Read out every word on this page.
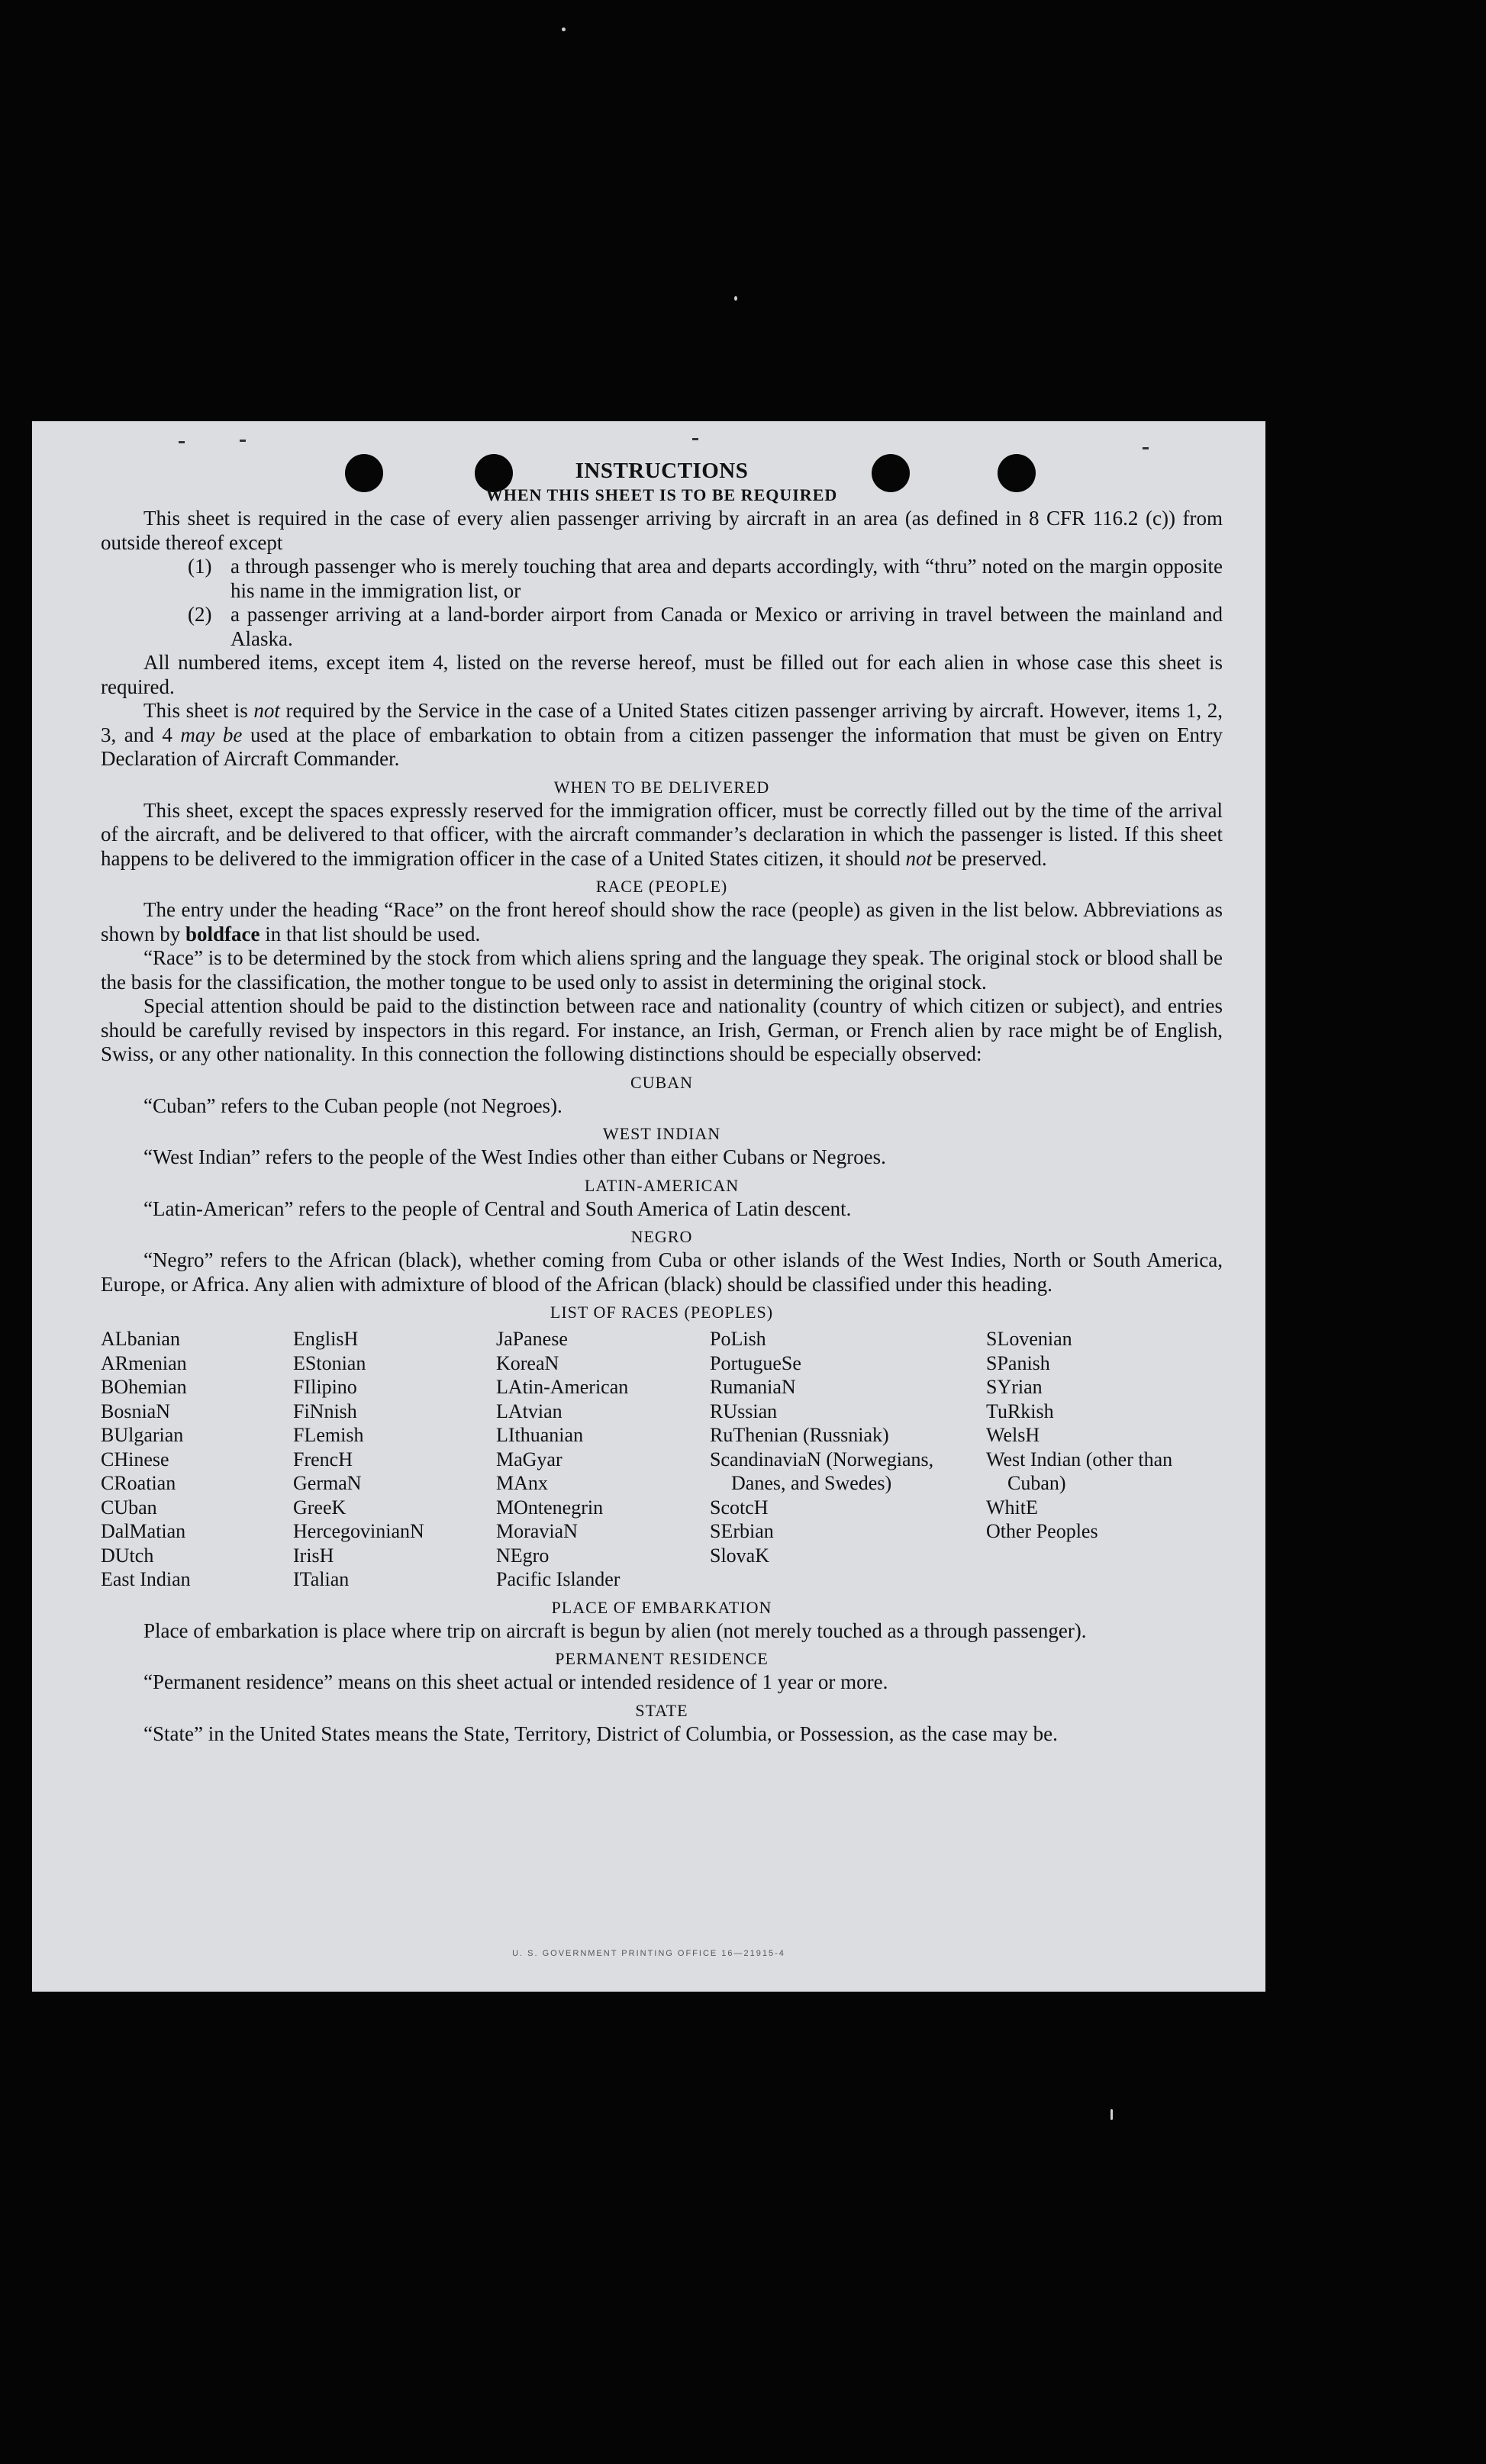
INSTRUCTIONS
WHEN THIS SHEET IS TO BE REQUIRED

This sheet is required in the case of every alien passenger arriving by aircraft in an area (as defined in 8 CFR 116.2 (c)) from outside thereof except

(1) a through passenger who is merely touching that area and departs accordingly, with “thru” noted on the margin opposite his name in the immigration list, or
(2) a passenger arriving at a land-border airport from Canada or Mexico or arriving in travel between the mainland and Alaska.

All numbered items, except item 4, listed on the reverse hereof, must be filled out for each alien in whose case this sheet is required.

This sheet is not required by the Service in the case of a United States citizen passenger arriving by aircraft. However, items 1, 2, 3, and 4 may be used at the place of embarkation to obtain from a citizen passenger the information that must be given on Entry Declaration of Aircraft Commander.

WHEN TO BE DELIVERED

This sheet, except the spaces expressly reserved for the immigration officer, must be correctly filled out by the time of the arrival of the aircraft, and be delivered to that officer, with the aircraft commander’s declaration in which the passenger is listed. If this sheet happens to be delivered to the immigration officer in the case of a United States citizen, it should not be preserved.

RACE (PEOPLE)

The entry under the heading “Race” on the front hereof should show the race (people) as given in the list below. Abbreviations as shown by boldface in that list should be used.

“Race” is to be determined by the stock from which aliens spring and the language they speak. The original stock or blood shall be the basis for the classification, the mother tongue to be used only to assist in determining the original stock.

Special attention should be paid to the distinction between race and nationality (country of which citizen or subject), and entries should be carefully revised by inspectors in this regard. For instance, an Irish, German, or French alien by race might be of English, Swiss, or any other nationality. In this connection the following distinctions should be especially observed:

CUBAN

“Cuban” refers to the Cuban people (not Negroes).

WEST INDIAN

“West Indian” refers to the people of the West Indies other than either Cubans or Negroes.

LATIN-AMERICAN

“Latin-American” refers to the people of Central and South America of Latin descent.

NEGRO

“Negro” refers to the African (black), whether coming from Cuba or other islands of the West Indies, North or South America, Europe, or Africa. Any alien with admixture of blood of the African (black) should be classified under this heading.

LIST OF RACES (PEOPLES)
ALbanian
ARmenian
BOhemian
BosniaN
BUlgarian
CHinese
CRoatian
CUban
DalMatian
DUtch
East Indian
EnglisH
EStonian
FIlipino
FiNnish
FLemish
FrencH
GermaN
GreeK
HercegovinianN
IrisH
ITalian
JaPanese
KoreaN
LAtin-American
LAtvian
LIthuanian
MaGyar
MAnx
MOntenegrin
MoraviaN
NEgro
Pacific Islander
PoLish
PortugueSe
RumaniaN
RUssian
RuThenian (Russniak)
ScandinaviaN (Norwegians, Danes, and Swedes)
ScotcH
SErbian
SlovaK
SLovenian
SPanish
SYrian
TuRkish
WelsH
West Indian (other than Cuban)
WhitE
Other Peoples
PLACE OF EMBARKATION

Place of embarkation is place where trip on aircraft is begun by alien (not merely touched as a through passenger).

PERMANENT RESIDENCE

“Permanent residence” means on this sheet actual or intended residence of 1 year or more.

STATE

“State” in the United States means the State, Territory, District of Columbia, or Possession, as the case may be.

U. S. GOVERNMENT PRINTING OFFICE 16—21915-4
